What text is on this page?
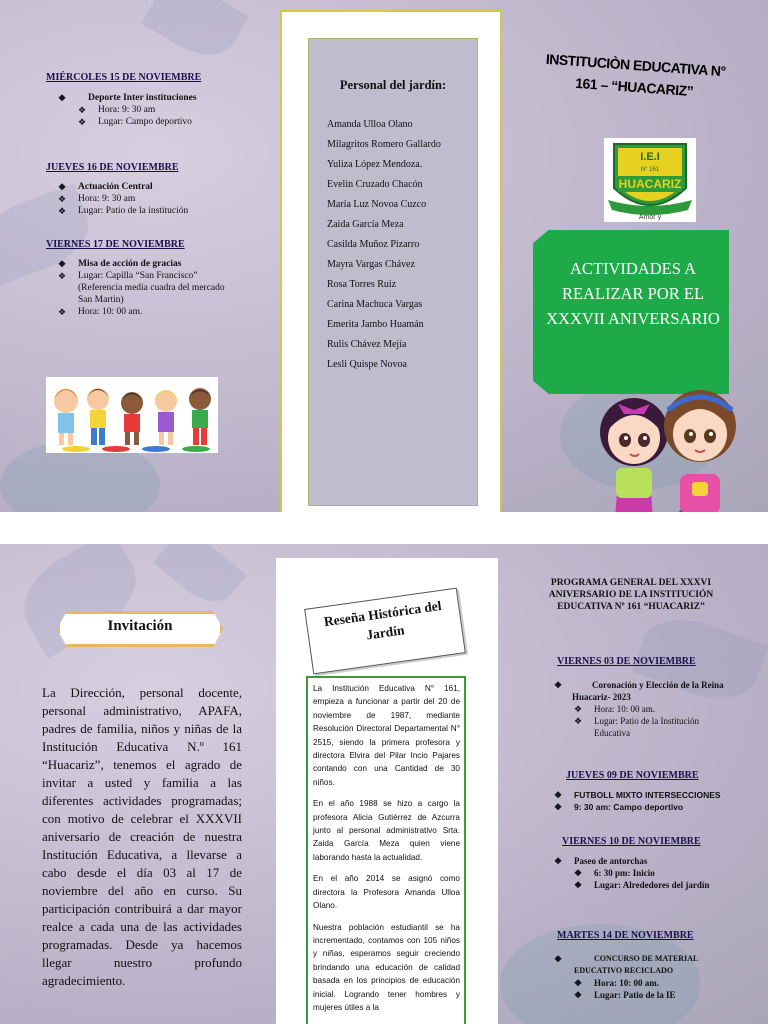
MIÉRCOLES 15 DE NOVIEMBRE
❖ Deporte Inter instituciones
❖ Hora: 9: 30 am
❖ Lugar: Campo deportivo
JUEVES 16 DE NOVIEMBRE
❖ Actuación Central
❖ Hora: 9: 30 am
❖ Lugar: Patio de la institución
VIERNES 17 DE NOVIEMBRE
❖ Misa de acción de gracias
❖ Lugar: Capilla “San Francisco” (Referencia media cuadra del mercado San Martin)
❖ Hora: 10: 00 am.
Personal del jardín:
Amanda Ulloa Olano
Milagritos Romero Gallardo
Yuliza López Mendoza.
Evelin Cruzado Chacón
María Luz Novoa Cuzco
Zaida García Meza
Casilda Muñoz Pizarro
Mayra Vargas Chávez
Rosa Torres Ruiz
Carina Machuca Vargas
Emerita Jambo Huamán
Rulis Chávez Mejía
Lesli Quispe Novoa
INSTITUCIÒN EDUCATIVA N°
161 – “HUACARIZ”
I.E.I
N° 161
HUACARIZ
Amor y
ACTIVIDADES A REALIZAR POR EL XXXVII ANIVERSARIO
Invitación
La Dirección, personal docente, personal administrativo, APAFA, padres de familia, niños y niñas de la Institución Educativa N.º 161 “Huacariz”, tenemos el agrado de invitar a usted y familia a las diferentes actividades programadas; con motivo de celebrar el XXXVII aniversario de creación de nuestra Institución Educativa, a llevarse a cabo desde el día 03 al 17 de noviembre del año en curso. Su participación contribuirá a dar mayor realce a cada una de las actividades programadas. Desde ya hacemos llegar nuestro profundo agradecimiento.
Reseña Histórica del Jardín

La Institución Educativa N° 161, empieza a funcionar a partir del 20 de noviembre de 1987, mediante Resolución Directoral Departamental N° 2515, siendo la primera profesora y directora Elvira del Pilar Incio Pajares contando con una Cantidad de 30 niños.

En el año 1988 se hizo a cargo la profesora Alicia Gutiérrez de Azcurra junto al personal administrativo Srta. Zaida García Meza quien viene laborando hasta la actualidad.

En el año 2014 se asignó como directora la Profesora Amanda Ulloa Olano.

Nuestra población estudiantil se ha incrementado, contamos con 105 niños y niñas, esperamos seguir creciendo brindando una educación de calidad basada en los principios de educación inicial. Logrando tener hombres y mujeres útiles a la

PROGRAMA GENERAL DEL XXXVI ANIVERSARIO DE LA INSTITUCIÓN EDUCATIVA Nº 161 “HUACARIZ”
VIERNES 03 DE NOVIEMBRE
❖ Coronación y Elección de la Reina Huacariz- 2023
❖ Hora: 10: 00 am.
❖ Lugar: Patio de la Institución Educativa
JUEVES 09 DE NOVIEMBRE
❖ FUTBOLL MIXTO INTERSECCIONES
❖ 9: 30 am: Campo deportivo
VIERNES 10 DE NOVIEMBRE
❖ Paseo de antorchas
❖ 6: 30 pm: Inicio
❖ Lugar: Alrededores del jardín
MARTES 14 DE NOVIEMBRE
❖ CONCURSO DE MATERIAL EDUCATIVO RECICLADO
❖ Hora: 10: 00 am.
❖ Lugar: Patio de la IE
